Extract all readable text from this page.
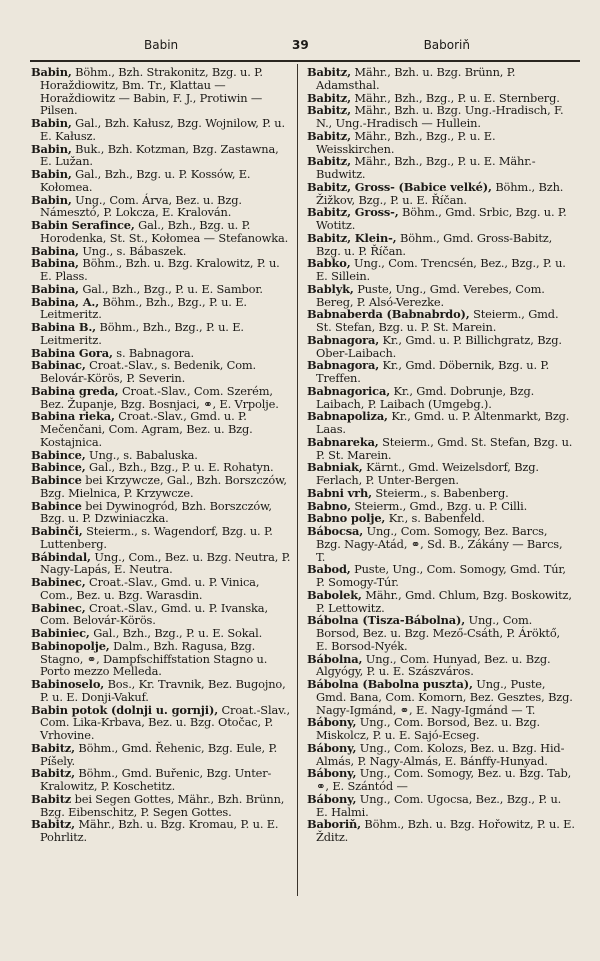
Babin	39	Baboriň
Babin, Böhm., Bzh. Strakonitz, Bzg. u. P. Horaždiowitz, Bm. Tr., Klattau — Horaždiowitz — Babin, F. J., Protiwin — Pilsen.
Babin, Gal., Bzh. Kałusz, Bzg. Wojnilow, P. u. E. Kałusz.
Babin, Buk., Bzh. Kotzman, Bzg. Zastawna, E. Lužan.
Babin, Gal., Bzh., Bzg. u. P. Kossów, E. Kołomea.
Babin, Ung., Com. Árva, Bez. u. Bzg. Námesztó, P. Lokcza, E. Kralován.
Babin Serafince, Gal., Bzh., Bzg. u. P. Horodenka, St. St., Kołomea — Stefanowka.
Babina, Ung., s. Bábaszek.
Babina, Böhm., Bzh. u. Bzg. Kralowitz, P. u. E. Plass.
Babina, Gal., Bzh., Bzg., P. u. E. Sambor.
Babina, A., Böhm., Bzh., Bzg., P. u. E. Leitmeritz.
Babina B., Böhm., Bzh., Bzg., P. u. E. Leitmeritz.
Babina Gora, s. Babnagora.
Babinac, Croat.-Slav., s. Bedenik, Com. Belovár-Körös, P. Severin.
Babina greda, Croat.-Slav., Com. Szerém, Bez. Županje, Bzg. Bosnjaci, ⚭, E. Vrpolje.
Babina rieka, Croat.-Slav., Gmd. u. P. Mečenčani, Com. Agram, Bez. u. Bzg. Kostajnica.
Babince, Ung., s. Babaluska.
Babince, Gal., Bzh., Bzg., P. u. E. Rohatyn.
Babince bei Krzywcze, Gal., Bzh. Borszczów, Bzg. Mielnica, P. Krzywcze.
Babince bei Dywinogród, Bzh. Borszczów, Bzg. u. P. Dzwiniaczka.
Babinči, Steierm., s. Wagendorf, Bzg. u. P. Luttenberg.
Bábindal, Ung., Com., Bez. u. Bzg. Neutra, P. Nagy-Lapás, E. Neutra.
Babinec, Croat.-Slav., Gmd. u. P. Vinica, Com., Bez. u. Bzg. Warasdin.
Babinec, Croat.-Slav., Gmd. u. P. Ivanska, Com. Belovár-Körös.
Babiniec, Gal., Bzh., Bzg., P. u. E. Sokal.
Babinopolje, Dalm., Bzh. Ragusa, Bzg. Stagno, ⚭, Dampfschiffstation Stagno u. Porto mezzo Melleda.
Babinoselo, Bos., Kr. Travnik, Bez. Bugojno, P. u. E. Donji-Vakuf.
Babin potok (dolnji u. gornji), Croat.-Slav., Com. Lika-Krbava, Bez. u. Bzg. Otočac, P. Vrhovine.
Babitz, Böhm., Gmd. Řehenic, Bzg. Eule, P. Píšely.
Babitz, Böhm., Gmd. Buřenic, Bzg. Unter-Kralowitz, P. Koschetitz.
Babitz bei Segen Gottes, Mähr., Bzh. Brünn, Bzg. Eibenschitz, P. Segen Gottes.
Babitz, Mähr., Bzh. u. Bzg. Kromau, P. u. E. Pohrlitz.
Babitz, Mähr., Bzh. u. Bzg. Brünn, P. Adamsthal.
Babitz, Mähr., Bzh., Bzg., P. u. E. Sternberg.
Babitz, Mähr., Bzh. u. Bzg. Ung.-Hradisch, F. N., Ung.-Hradisch — Hullein.
Babitz, Mähr., Bzh., Bzg., P. u. E. Weisskirchen.
Babitz, Mähr., Bzh., Bzg., P. u. E. Mähr.-Budwitz.
Babitz, Gross- (Babice velké), Böhm., Bzh. Žižkov, Bzg., P. u. E. Říčan.
Babitz, Gross-, Böhm., Gmd. Srbic, Bzg. u. P. Wotitz.
Babitz, Klein-, Böhm., Gmd. Gross-Babitz, Bzg. u. P. Říčan.
Babko, Ung., Com. Trencsén, Bez., Bzg., P. u. E. Sillein.
Bablyk, Puste, Ung., Gmd. Verebes, Com. Bereg, P. Alsó-Verezke.
Babnaberda (Babnabrdo), Steierm., Gmd. St. Stefan, Bzg. u. P. St. Marein.
Babnagora, Kr., Gmd. u. P. Billichgratz, Bzg. Ober-Laibach.
Babnagora, Kr., Gmd. Döbernik, Bzg. u. P. Treffen.
Babnagorica, Kr., Gmd. Dobrunje, Bzg. Laibach, P. Laibach (Umgebg.).
Babnapoliza, Kr., Gmd. u. P. Altenmarkt, Bzg. Laas.
Babnareka, Steierm., Gmd. St. Stefan, Bzg. u. P. St. Marein.
Babniak, Kärnt., Gmd. Weizelsdorf, Bzg. Ferlach, P. Unter-Bergen.
Babni vrh, Steierm., s. Babenberg.
Babno, Steierm., Gmd., Bzg. u. P. Cilli.
Babno polje, Kr., s. Babenfeld.
Bábocsa, Ung., Com. Somogy, Bez. Barcs, Bzg. Nagy-Atád, ⚭, Sd. B., Zákány — Barcs, T.
Babod, Puste, Ung., Com. Somogy, Gmd. Túr, P. Somogy-Túr.
Babolek, Mähr., Gmd. Chlum, Bzg. Boskowitz, P. Lettowitz.
Bábolna (Tisza-Bábolna), Ung., Com. Borsod, Bez. u. Bzg. Mező-Csáth, P. Áröktő, E. Borsod-Nyék.
Bábolna, Ung., Com. Hunyad, Bez. u. Bzg. Algyógy, P. u. E. Szászváros.
Bábolna (Babolna puszta), Ung., Puste, Gmd. Bana, Com. Komorn, Bez. Gesztes, Bzg. Nagy-Igmánd, ⚭, E. Nagy-Igmánd — T.
Bábony, Ung., Com. Borsod, Bez. u. Bzg. Miskolcz, P. u. E. Sajó-Ecseg.
Bábony, Ung., Com. Kolozs, Bez. u. Bzg. Hid-Almás, P. Nagy-Almás, E. Bánffy-Hunyad.
Bábony, Ung., Com. Somogy, Bez. u. Bzg. Tab, ⚭, E. Szántód —
Bábony, Ung., Com. Ugocsa, Bez., Bzg., P. u. E. Halmi.
Baboriň, Böhm., Bzh. u. Bzg. Hořowitz, P. u. E. Žditz.
